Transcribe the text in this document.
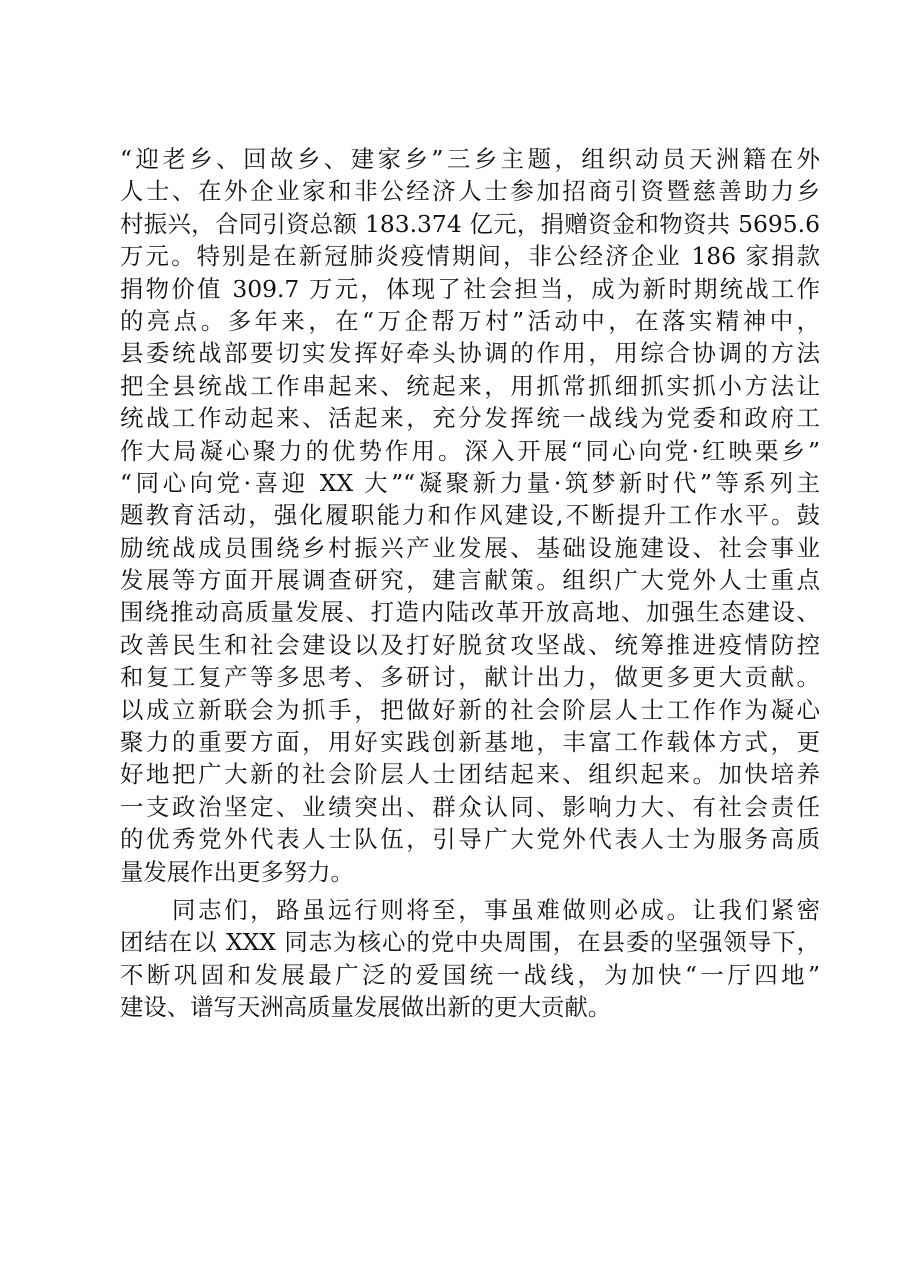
“迎老乡、回故乡、建家乡”三乡主题，组织动员天洲籍在外
人士、在外企业家和非公经济人士参加招商引资暨慈善助力乡
村振兴，合同引资总额 183.374 亿元，捐赠资金和物资共 5695.6
万元。特别是在新冠肺炎疫情期间，非公经济企业 186 家捐款
捐物价值 309.7 万元，体现了社会担当，成为新时期统战工作
的亮点。多年来，在“万企帮万村”活动中，在落实精神中，
县委统战部要切实发挥好牵头协调的作用，用综合协调的方法
把全县统战工作串起来、统起来，用抓常抓细抓实抓小方法让
统战工作动起来、活起来，充分发挥统一战线为党委和政府工
作大局凝心聚力的优势作用。深入开展“同心向党·红映栗乡”
“同心向党·喜迎 XX 大”“凝聚新力量·筑梦新时代”等系列主
题教育活动，强化履职能力和作风建设,不断提升工作水平。鼓
励统战成员围绕乡村振兴产业发展、基础设施建设、社会事业
发展等方面开展调查研究，建言献策。组织广大党外人士重点
围绕推动高质量发展、打造内陆改革开放高地、加强生态建设、
改善民生和社会建设以及打好脱贫攻坚战、统筹推进疫情防控
和复工复产等多思考、多研讨，献计出力，做更多更大贡献。
以成立新联会为抓手，把做好新的社会阶层人士工作作为凝心
聚力的重要方面，用好实践创新基地，丰富工作载体方式，更
好地把广大新的社会阶层人士团结起来、组织起来。加快培养
一支政治坚定、业绩突出、群众认同、影响力大、有社会责任
的优秀党外代表人士队伍，引导广大党外代表人士为服务高质
量发展作出更多努力。
　　同志们，路虽远行则将至，事虽难做则必成。让我们紧密
团结在以 XXX 同志为核心的党中央周围，在县委的坚强领导下，
不断巩固和发展最广泛的爱国统一战线，为加快“一厅四地”
建设、谱写天洲高质量发展做出新的更大贡献。
